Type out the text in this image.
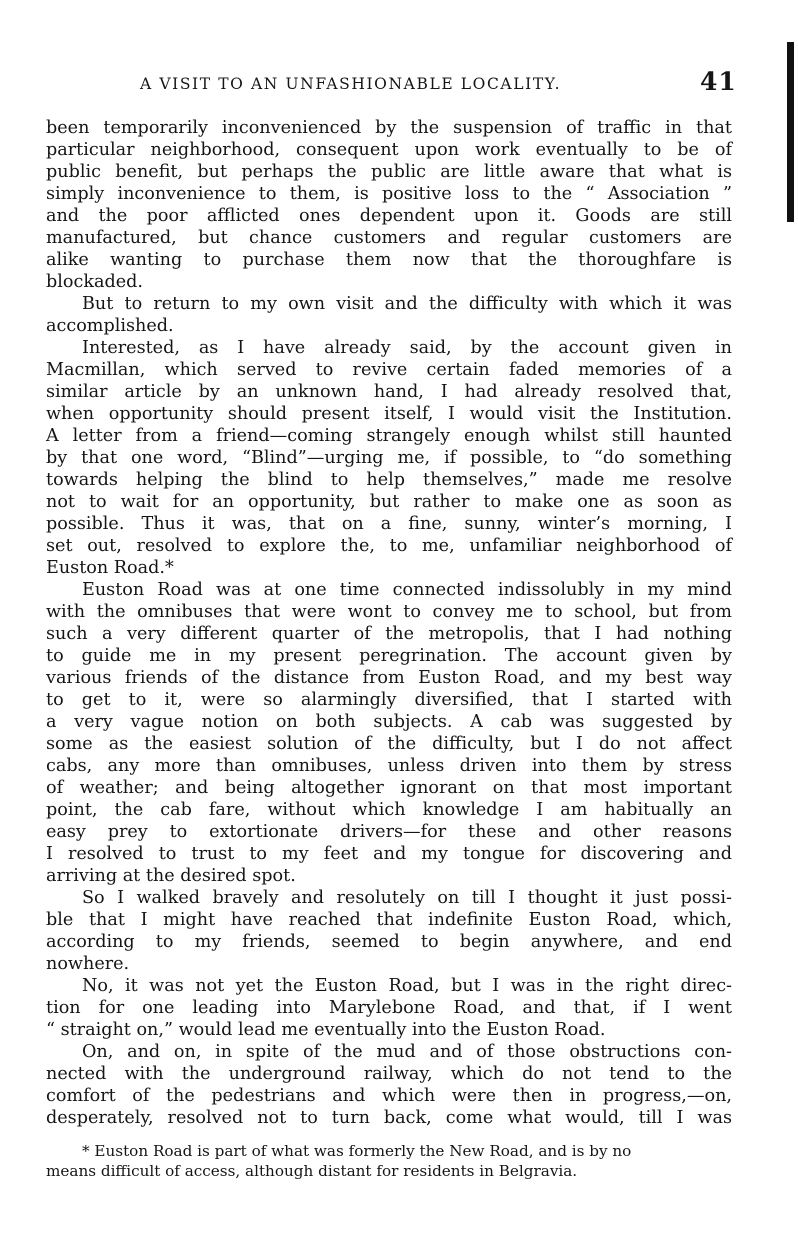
A VISIT TO AN UNFASHIONABLE LOCALITY.	41

been temporarily inconvenienced by the suspension of traffic in that
particular neighborhood, consequent upon work eventually to be of
public benefit, but perhaps the public are little aware that what is
simply inconvenience to them, is positive loss to the “ Association ”
and the poor afflicted ones dependent upon it. Goods are still
manufactured, but chance customers and regular customers are
alike wanting to purchase them now that the thoroughfare is
blockaded.

But to return to my own visit and the difficulty with which it was
accomplished.

Interested, as I have already said, by the account given in
Macmillan, which served to revive certain faded memories of a
similar article by an unknown hand, I had already resolved that,
when opportunity should present itself, I would visit the Institution.
A letter from a friend—coming strangely enough whilst still haunted
by that one word, “Blind”—urging me, if possible, to “do something
towards helping the blind to help themselves,” made me resolve
not to wait for an opportunity, but rather to make one as soon as
possible. Thus it was, that on a fine, sunny, winter’s morning, I
set out, resolved to explore the, to me, unfamiliar neighborhood of
Euston Road.*

Euston Road was at one time connected indissolubly in my mind
with the omnibuses that were wont to convey me to school, but from
such a very different quarter of the metropolis, that I had nothing
to guide me in my present peregrination. The account given by
various friends of the distance from Euston Road, and my best way
to get to it, were so alarmingly diversified, that I started with
a very vague notion on both subjects. A cab was suggested by
some as the easiest solution of the difficulty, but I do not affect
cabs, any more than omnibuses, unless driven into them by stress
of weather; and being altogether ignorant on that most important
point, the cab fare, without which knowledge I am habitually an
easy prey to extortionate drivers—for these and other reasons
I resolved to trust to my feet and my tongue for discovering and
arriving at the desired spot.

So I walked bravely and resolutely on till I thought it just possi-
ble that I might have reached that indefinite Euston Road, which,
according to my friends, seemed to begin anywhere, and end
nowhere.

No, it was not yet the Euston Road, but I was in the right direc-
tion for one leading into Marylebone Road, and that, if I went
“ straight on,” would lead me eventually into the Euston Road.

On, and on, in spite of the mud and of those obstructions con-
nected with the underground railway, which do not tend to the
comfort of the pedestrians and which were then in progress,—on,
desperately, resolved not to turn back, come what would, till I was

* Euston Road is part of what was formerly the New Road, and is by no
means difficult of access, although distant for residents in Belgravia.
